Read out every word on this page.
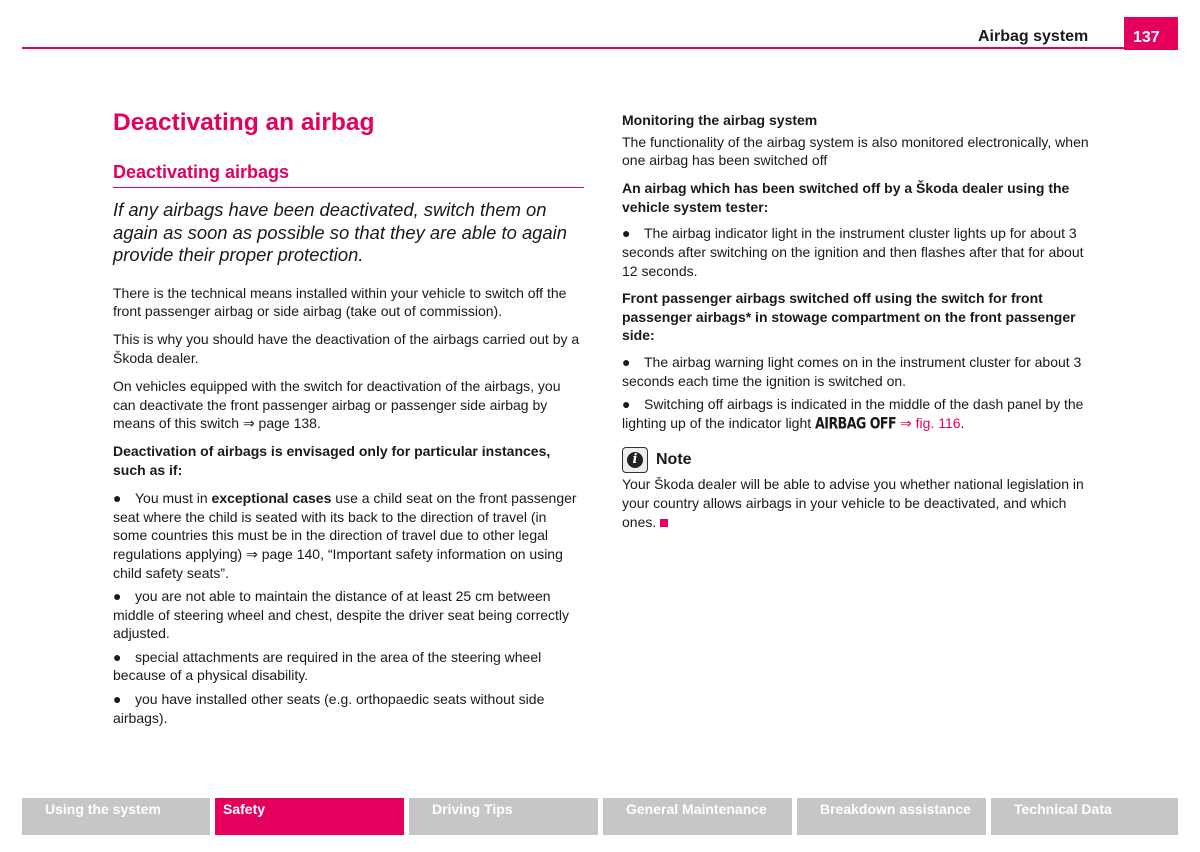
Airbag system	137
Deactivating an airbag
Deactivating airbags
If any airbags have been deactivated, switch them on again as soon as possible so that they are able to again provide their proper protection.

There is the technical means installed within your vehicle to switch off the front passenger airbag or side airbag (take out of commission).

This is why you should have the deactivation of the airbags carried out by a Škoda dealer.

On vehicles equipped with the switch for deactivation of the airbags, you can deactivate the front passenger airbag or passenger side airbag by means of this switch ⇒ page 138.

Deactivation of airbags is envisaged only for particular instances, such as if:

● You must in exceptional cases use a child seat on the front passenger seat where the child is seated with its back to the direction of travel (in some countries this must be in the direction of travel due to other legal regulations applying) ⇒ page 140, “Important safety information on using child safety seats”.
● you are not able to maintain the distance of at least 25 cm between middle of steering wheel and chest, despite the driver seat being correctly adjusted.
● special attachments are required in the area of the steering wheel because of a physical disability.
● you have installed other seats (e.g. orthopaedic seats without side airbags).

Monitoring the airbag system

The functionality of the airbag system is also monitored electronically, when one airbag has been switched off

An airbag which has been switched off by a Škoda dealer using the vehicle system tester:

● The airbag indicator light in the instrument cluster lights up for about 3 seconds after switching on the ignition and then flashes after that for about 12 seconds.

Front passenger airbags switched off using the switch for front passenger airbags* in stowage compartment on the front passenger side:

● The airbag warning light comes on in the instrument cluster for about 3 seconds each time the ignition is switched on.
● Switching off airbags is indicated in the middle of the dash panel by the lighting up of the indicator light AIRBAG OFF ⇒ fig. 116.
i	Note
Your Škoda dealer will be able to advise you whether national legislation in your country allows airbags in your vehicle to be deactivated, and which ones.
Using the system	Safety	Driving Tips	General Maintenance	Breakdown assistance	Technical Data
